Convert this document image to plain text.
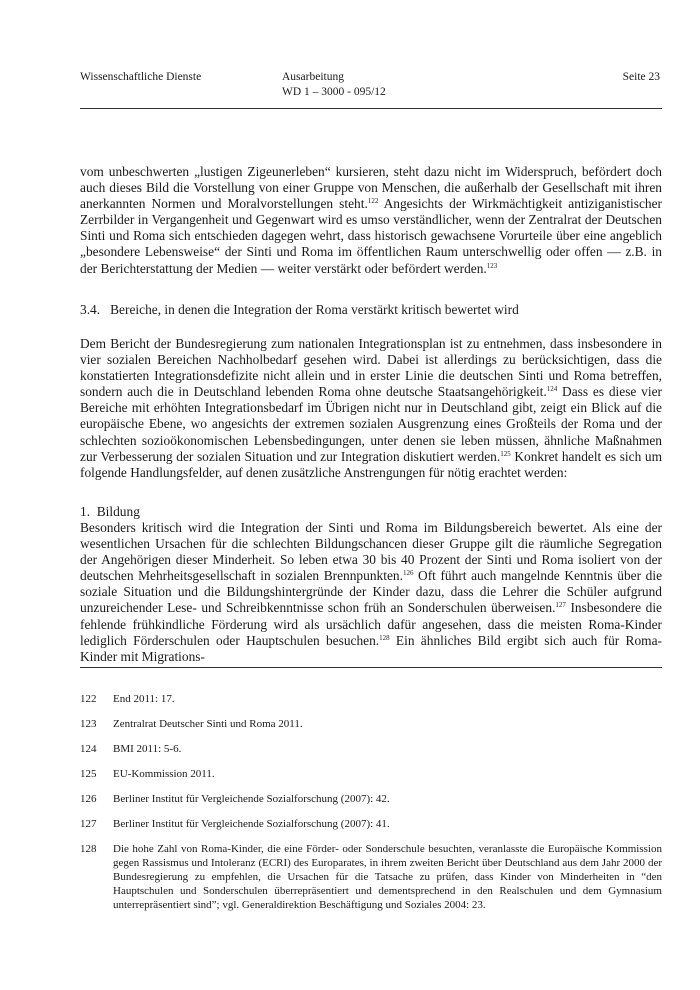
Wissenschaftliche Dienste	Ausarbeitung
WD 1 – 3000 - 095/12
Seite 23

vom unbeschwerten „lustigen Zigeunerleben“ kursieren, steht dazu nicht im Widerspruch, befördert doch auch dieses Bild die Vorstellung von einer Gruppe von Menschen, die außerhalb der Gesellschaft mit ihren anerkannten Normen und Moralvorstellungen steht.$^{122}$ Angesichts der Wirkmächtigkeit antiziganistischer Zerrbilder in Vergangenheit und Gegenwart wird es umso verständlicher, wenn der Zentralrat der Deutschen Sinti und Roma sich entschieden dagegen wehrt, dass historisch gewachsene Vorurteile über eine angeblich „besondere Lebensweise“ der Sinti und Roma im öffentlichen Raum unterschwellig oder offen — z.B. in der Berichterstattung der Medien — weiter verstärkt oder befördert werden.$^{123}$

3.4.   Bereiche, in denen die Integration der Roma verstärkt kritisch bewertet wird

Dem Bericht der Bundesregierung zum nationalen Integrationsplan ist zu entnehmen, dass insbesondere in vier sozialen Bereichen Nachholbedarf gesehen wird. Dabei ist allerdings zu berücksichtigen, dass die konstatierten Integrationsdefizite nicht allein und in erster Linie die deutschen Sinti und Roma betreffen, sondern auch die in Deutschland lebenden Roma ohne deutsche Staatsangehörigkeit.$^{124}$ Dass es diese vier Bereiche mit erhöhten Integrationsbedarf im Übrigen nicht nur in Deutschland gibt, zeigt ein Blick auf die europäische Ebene, wo angesichts der extremen sozialen Ausgrenzung eines Großteils der Roma und der schlechten sozioökonomischen Lebensbedingungen, unter denen sie leben müssen, ähnliche Maßnahmen zur Verbesserung der sozialen Situation und zur Integration diskutiert werden.$^{125}$ Konkret handelt es sich um folgende Handlungsfelder, auf denen zusätzliche Anstrengungen für nötig erachtet werden:

1.  Bildung

Besonders kritisch wird die Integration der Sinti und Roma im Bildungsbereich bewertet. Als eine der wesentlichen Ursachen für die schlechten Bildungschancen dieser Gruppe gilt die räumliche Segregation der Angehörigen dieser Minderheit. So leben etwa 30 bis 40 Prozent der Sinti und Roma isoliert von der deutschen Mehrheitsgesellschaft in sozialen Brennpunkten.$^{126}$ Oft führt auch mangelnde Kenntnis über die soziale Situation und die Bildungshintergründe der Kinder dazu, dass die Lehrer die Schüler aufgrund unzureichender Lese- und Schreibkenntnisse schon früh an Sonderschulen überweisen.$^{127}$ Insbesondere die fehlende frühkindliche Förderung wird als ursächlich dafür angesehen, dass die meisten Roma-Kinder lediglich Förderschulen oder Hauptschulen besuchen.$^{128}$ Ein ähnliches Bild ergibt sich auch für Roma-Kinder mit Migrations-

122	End 2011: 17.
123	Zentralrat Deutscher Sinti und Roma 2011.
124	BMI 2011: 5-6.
125	EU-Kommission 2011.
126	Berliner Institut für Vergleichende Sozialforschung (2007): 42.
127	Berliner Institut für Vergleichende Sozialforschung (2007): 41.
128	Die hohe Zahl von Roma-Kinder, die eine Förder- oder Sonderschule besuchten, veranlasste die Europäische Kommission gegen Rassismus und Intoleranz (ECRI) des Europarates, in ihrem zweiten Bericht über Deutschland aus dem Jahr 2000 der Bundesregierung zu empfehlen, die Ursachen für die Tatsache zu prüfen, dass Kinder von Minderheiten in “den Hauptschulen und Sonderschulen überrepräsentiert und dementsprechend in den Realschulen und dem Gymnasium unterrepräsentiert sind”; vgl. Generaldirektion Beschäftigung und Soziales 2004: 23.
